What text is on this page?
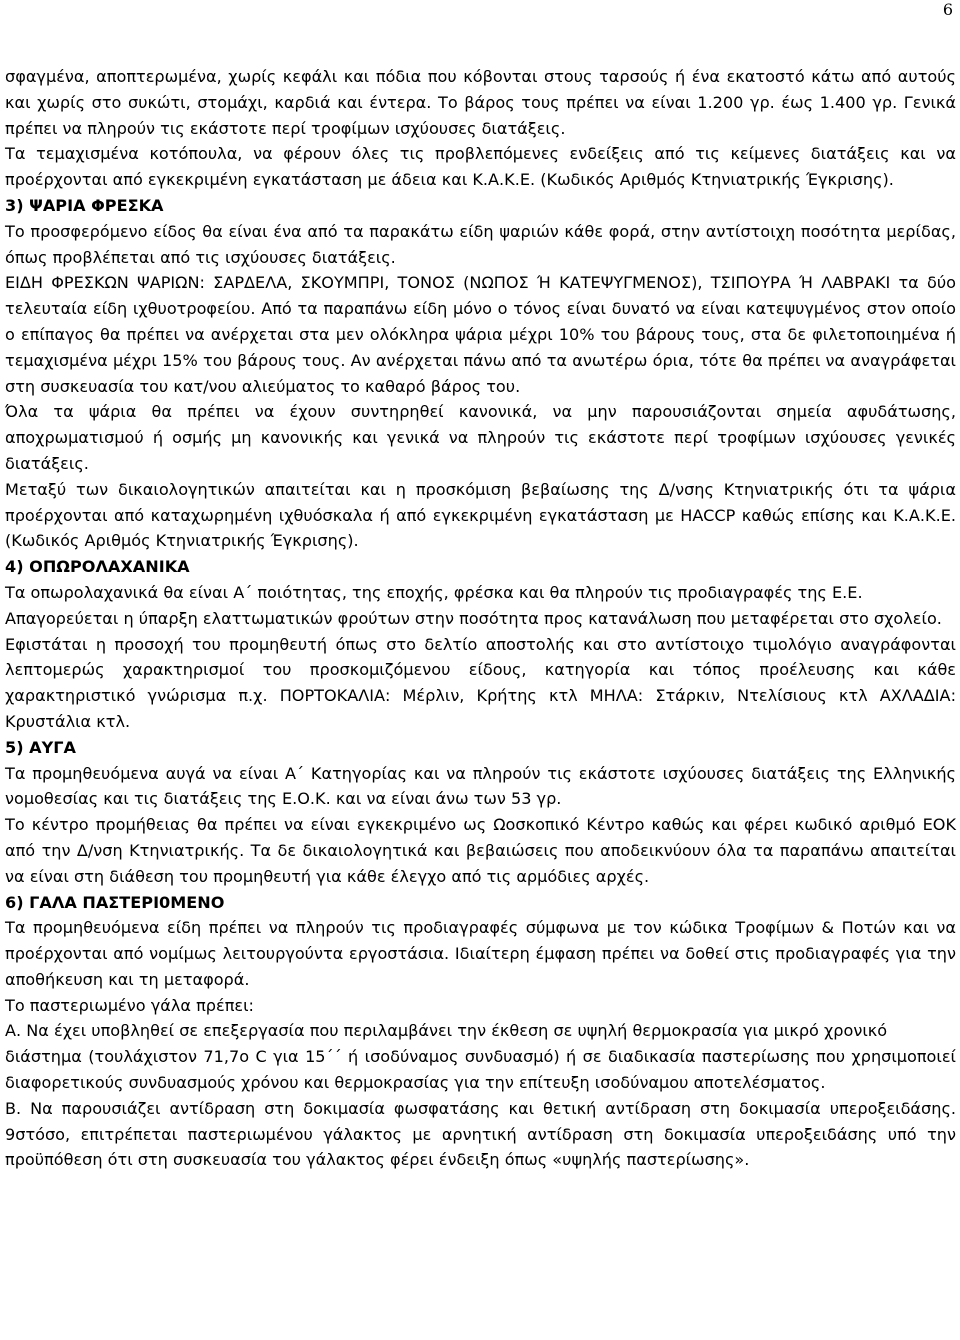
6

σφαγμένα, αποπτερωμένα, χωρίς κεφάλι και πόδια που κόβονται στους ταρσούς ή ένα εκατοστό κάτω από αυτούς και χωρίς στο συκώτι, στομάχι, καρδιά και έντερα. Το βάρος τους πρέπει να είναι 1.200 γρ. έως 1.400 γρ. Γενικά πρέπει να πληρούν τις εκάστοτε περί τροφίμων ισχύουσες διατάξεις.

Τα τεμαχισμένα κοτόπουλα, να φέρουν όλες τις προβλεπόμενες ενδείξεις από τις κείμενες διατάξεις και να προέρχονται από εγκεκριμένη εγκατάσταση με άδεια και Κ.Α.Κ.Ε. (Κωδικός Αριθμός Κτηνιατρικής Έγκρισης).

3) ΨΑΡΙΑ ΦΡΕΣΚΑ

Το προσφερόμενο είδος θα είναι ένα από τα παρακάτω είδη ψαριών κάθε φορά, στην αντίστοιχη ποσότητα μερίδας, όπως προβλέπεται από τις ισχύουσες διατάξεις.

ΕΙΔΗ ΦΡΕΣΚΩΝ ΨΑΡΙΩΝ: ΣΑΡΔΕΛΑ, ΣΚΟΥΜΠΡΙ, ΤΟΝΟΣ (ΝΩΠΟΣ Ή ΚΑΤΕΨΥΓΜΕΝΟΣ), ΤΣΙΠΟΥΡΑ Ή ΛΑΒΡΑΚΙ τα δύο τελευταία είδη ιχθυοτροφείου. Από τα παραπάνω είδη μόνο ο τόνος είναι δυνατό να είναι κατεψυγμένος στον οποίο ο επίπαγος θα πρέπει να ανέρχεται στα μεν ολόκληρα ψάρια μέχρι 10% του βάρους τους, στα δε φιλετοποιημένα ή τεμαχισμένα μέχρι 15% του βάρους τους. Αν ανέρχεται πάνω από τα ανωτέρω όρια, τότε θα πρέπει να αναγράφεται στη συσκευασία του κατ/νου αλιεύματος το καθαρό βάρος του.

Όλα τα ψάρια θα πρέπει να έχουν συντηρηθεί κανονικά, να μην παρουσιάζονται σημεία αφυδάτωσης, αποχρωματισμού ή οσμής μη κανονικής και γενικά να πληρούν τις εκάστοτε περί τροφίμων ισχύουσες γενικές διατάξεις.

Μεταξύ των δικαιολογητικών απαιτείται και η προσκόμιση βεβαίωσης της Δ/νσης Κτηνιατρικής ότι τα ψάρια προέρχονται από καταχωρημένη ιχθυόσκαλα ή από εγκεκριμένη εγκατάσταση με HACCP καθώς επίσης και Κ.Α.Κ.Ε. (Κωδικός Αριθμός Κτηνιατρικής Έγκρισης).

4) ΟΠΩΡΟΛΑΧΑΝΙΚΑ

Τα οπωρολαχανικά θα είναι Α΄ ποιότητας, της εποχής, φρέσκα και θα πληρούν τις προδιαγραφές της Ε.Ε.

Απαγορεύεται η ύπαρξη ελαττωματικών φρούτων στην ποσότητα προς κατανάλωση που μεταφέρεται στο σχολείο.

Εφιστάται η προσοχή του προμηθευτή όπως στο δελτίο αποστολής και στο αντίστοιχο τιμολόγιο αναγράφονται λεπτομερώς χαρακτηρισμοί του προσκομιζόμενου είδους, κατηγορία και τόπος προέλευσης και κάθε χαρακτηριστικό γνώρισμα π.χ. ΠΟΡΤΟΚΑΛΙΑ: Μέρλιν, Κρήτης κτλ ΜΗΛΑ: Στάρκιν, Ντελίσιους κτλ ΑΧΛΑΔΙΑ: Κρυστάλια κτλ.

5) ΑΥΓΑ

Τα προμηθευόμενα αυγά να είναι Α΄ Κατηγορίας και να πληρούν τις εκάστοτε ισχύουσες διατάξεις της Ελληνικής νομοθεσίας και τις διατάξεις της Ε.Ο.Κ. και να είναι άνω των 53 γρ.

Το κέντρο προμήθειας θα πρέπει να είναι εγκεκριμένο ως Ωοσκοπικό Κέντρο καθώς και φέρει κωδικό αριθμό ΕΟΚ από την Δ/νση Κτηνιατρικής. Τα δε δικαιολογητικά και βεβαιώσεις που αποδεικνύουν όλα τα παραπάνω απαιτείται να είναι στη διάθεση του προμηθευτή για κάθε έλεγχο από τις αρμόδιες αρχές.

6) ΓΑΛΑ ΠΑΣΤΕΡΙ0ΜΕΝΟ

Τα προμηθευόμενα είδη πρέπει να πληρούν τις προδιαγραφές σύμφωνα με τον κώδικα Τροφίμων & Ποτών και να προέρχονται από νομίμως λειτουργούντα εργοστάσια. Ιδιαίτερη έμφαση πρέπει να δοθεί στις προδιαγραφές για την αποθήκευση και τη μεταφορά.

Το παστεριωμένο γάλα πρέπει:

Α. Να έχει υποβληθεί σε επεξεργασία που περιλαμβάνει την έκθεση σε υψηλή θερμοκρασία για μικρό χρονικό

διάστημα (τουλάχιστον 71,7ο C για 15΄΄ ή ισοδύναμος συνδυασμό) ή σε διαδικασία παστερίωσης που χρησιμοποιεί διαφορετικούς συνδυασμούς χρόνου και θερμοκρασίας για την επίτευξη ισοδύναμου αποτελέσματος.

Β. Να παρουσιάζει αντίδραση στη δοκιμασία φωσφατάσης και θετική αντίδραση στη δοκιμασία υπεροξειδάσης. 9στόσο, επιτρέπεται παστεριωμένου γάλακτος με αρνητική αντίδραση στη δοκιμασία υπεροξειδάσης υπό την προϋπόθεση ότι στη συσκευασία του γάλακτος φέρει ένδειξη όπως «υψηλής παστερίωσης».
